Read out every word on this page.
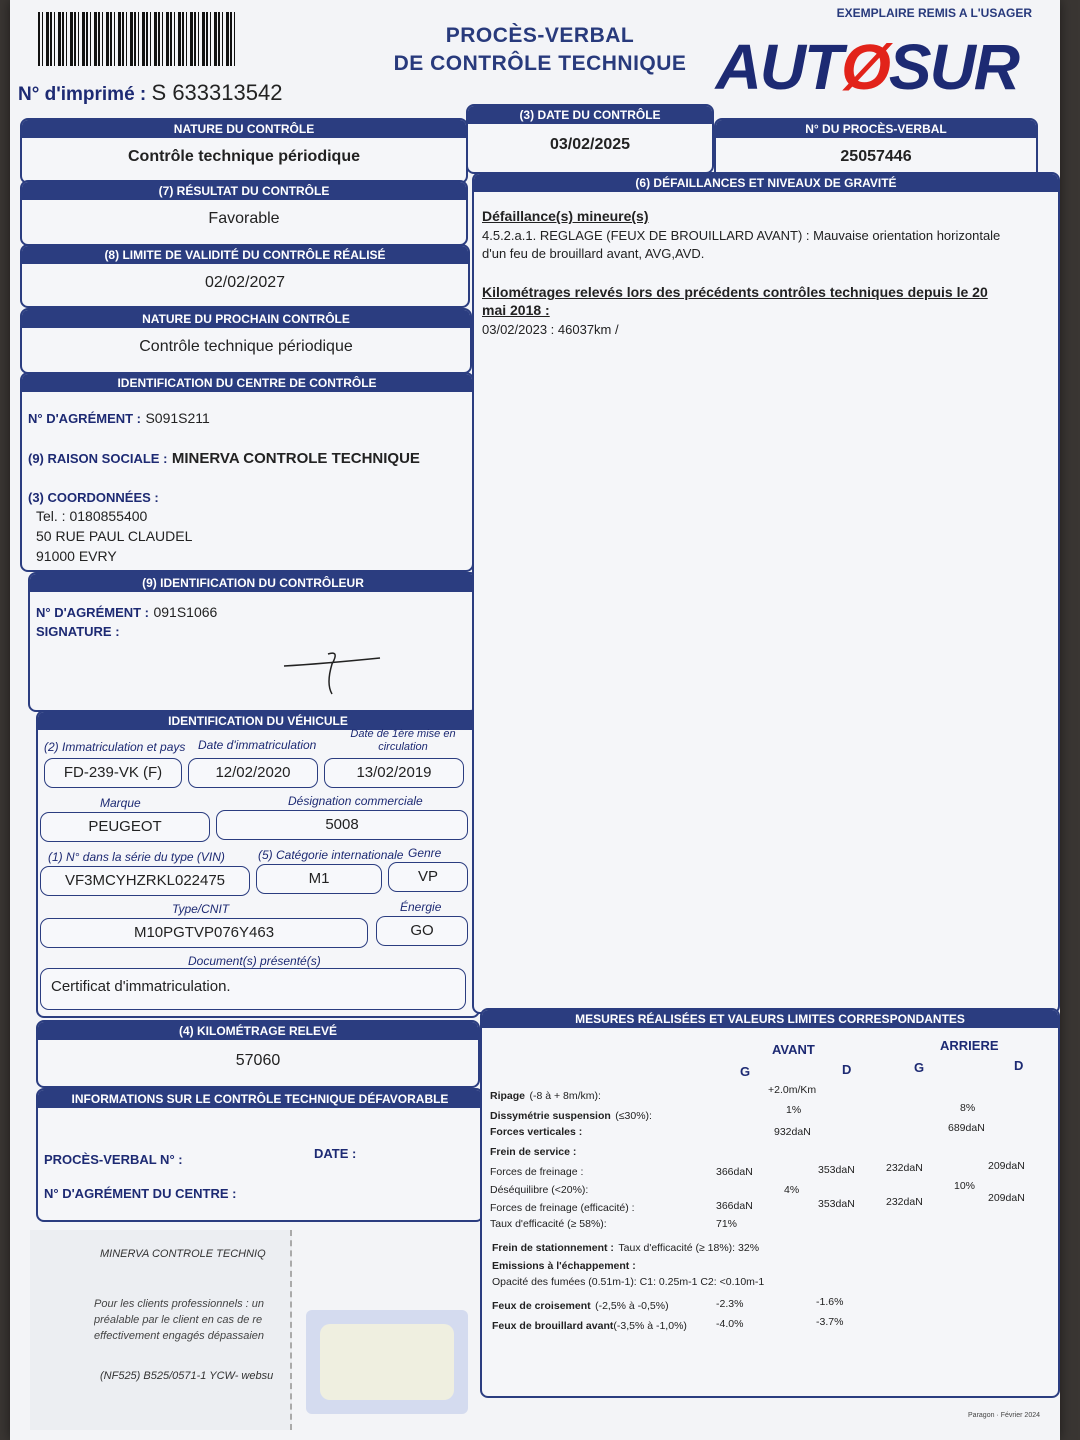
EXEMPLAIRE REMIS A L'USAGER
PROCÈS-VERBAL
DE CONTRÔLE TECHNIQUE AUTØSUR
N° d'imprimé : S 633313542
NATURE DU CONTRÔLE
Contrôle technique périodique
(3) DATE DU CONTRÔLE
03/02/2025
N° DU PROCÈS-VERBAL
25057446
(7) RÉSULTAT DU CONTRÔLE
Favorable
(8) LIMITE DE VALIDITÉ DU CONTRÔLE RÉALISÉ
02/02/2027
NATURE DU PROCHAIN CONTRÔLE
Contrôle technique périodique
IDENTIFICATION DU CENTRE DE CONTRÔLE
N° D'AGRÉMENT : S091S211
(9) RAISON SOCIALE : MINERVA CONTROLE TECHNIQUE
(3) COORDONNÉES :
Tel. : 0180855400
50 RUE PAUL CLAUDEL
91000 EVRY
(9) IDENTIFICATION DU CONTRÔLEUR
N° D'AGRÉMENT : 091S1066
SIGNATURE :
IDENTIFICATION DU VÉHICULE
(2) Immatriculation et pays Date d'immatriculation
Date de 1ère mise en circulation
FD-239-VK (F)	12/02/2020	13/02/2019
Marque	Désignation commerciale
PEUGEOT	5008
(1) N° dans la série du type (VIN)	(5) Catégorie internationale Genre
VF3MCYHZRKL022475	M1	VP
Type/CNIT	Énergie
M10PGTVP076Y463	GO
Document(s) présenté(s)
Certificat d'immatriculation.
(4) KILOMÉTRAGE RELEVÉ
57060
INFORMATIONS SUR LE CONTRÔLE TECHNIQUE DÉFAVORABLE
PROCÈS-VERBAL N° :	DATE :
N° D'AGRÉMENT DU CENTRE :
MINERVA CONTROLE TECHNIQ
Pour les clients professionnels : un
préalable par le client en cas de re
effectivement engagés dépassaien
(NF525) B525/0571-1 YCW- websu
(6) DÉFAILLANCES ET NIVEAUX DE GRAVITÉ
Défaillance(s) mineure(s)
4.5.2.a.1. REGLAGE (FEUX DE BROUILLARD AVANT) : Mauvaise orientation horizontale
d'un feu de brouillard avant, AVG,AVD.
Kilométrages relevés lors des précédents contrôles techniques depuis le 20
mai 2018 :
03/02/2023 : 46037km /
MESURES RÉALISÉES ET VALEURS LIMITES CORRESPONDANTES
AVANT	ARRIERE
G	D	G	D
Ripage (-8 à + 8m/km):	+2.0m/Km
Dissymétrie suspension (≤30%):	1%	8%
Forces verticales :	932daN	689daN
Frein de service :
Forces de freinage :	366daN	353daN	232daN	209daN
Déséquilibre (<20%):	4%	10%
Forces de freinage (efficacité) :	366daN	353daN	232daN	209daN
Taux d'efficacité (≥ 58%):	71%
Frein de stationnement : Taux d'efficacité (≥ 18%): 32%
Emissions à l'échappement :
Opacité des fumées (0.51m-1): C1: 0.25m-1 C2: <0.10m-1
Feux de croisement (-2,5% à -0,5%)	-2.3%	-1.6%
Feux de brouillard avant(-3,5% à -1,0%)	-4.0%	-3.7%
Paragon · Février 2024
